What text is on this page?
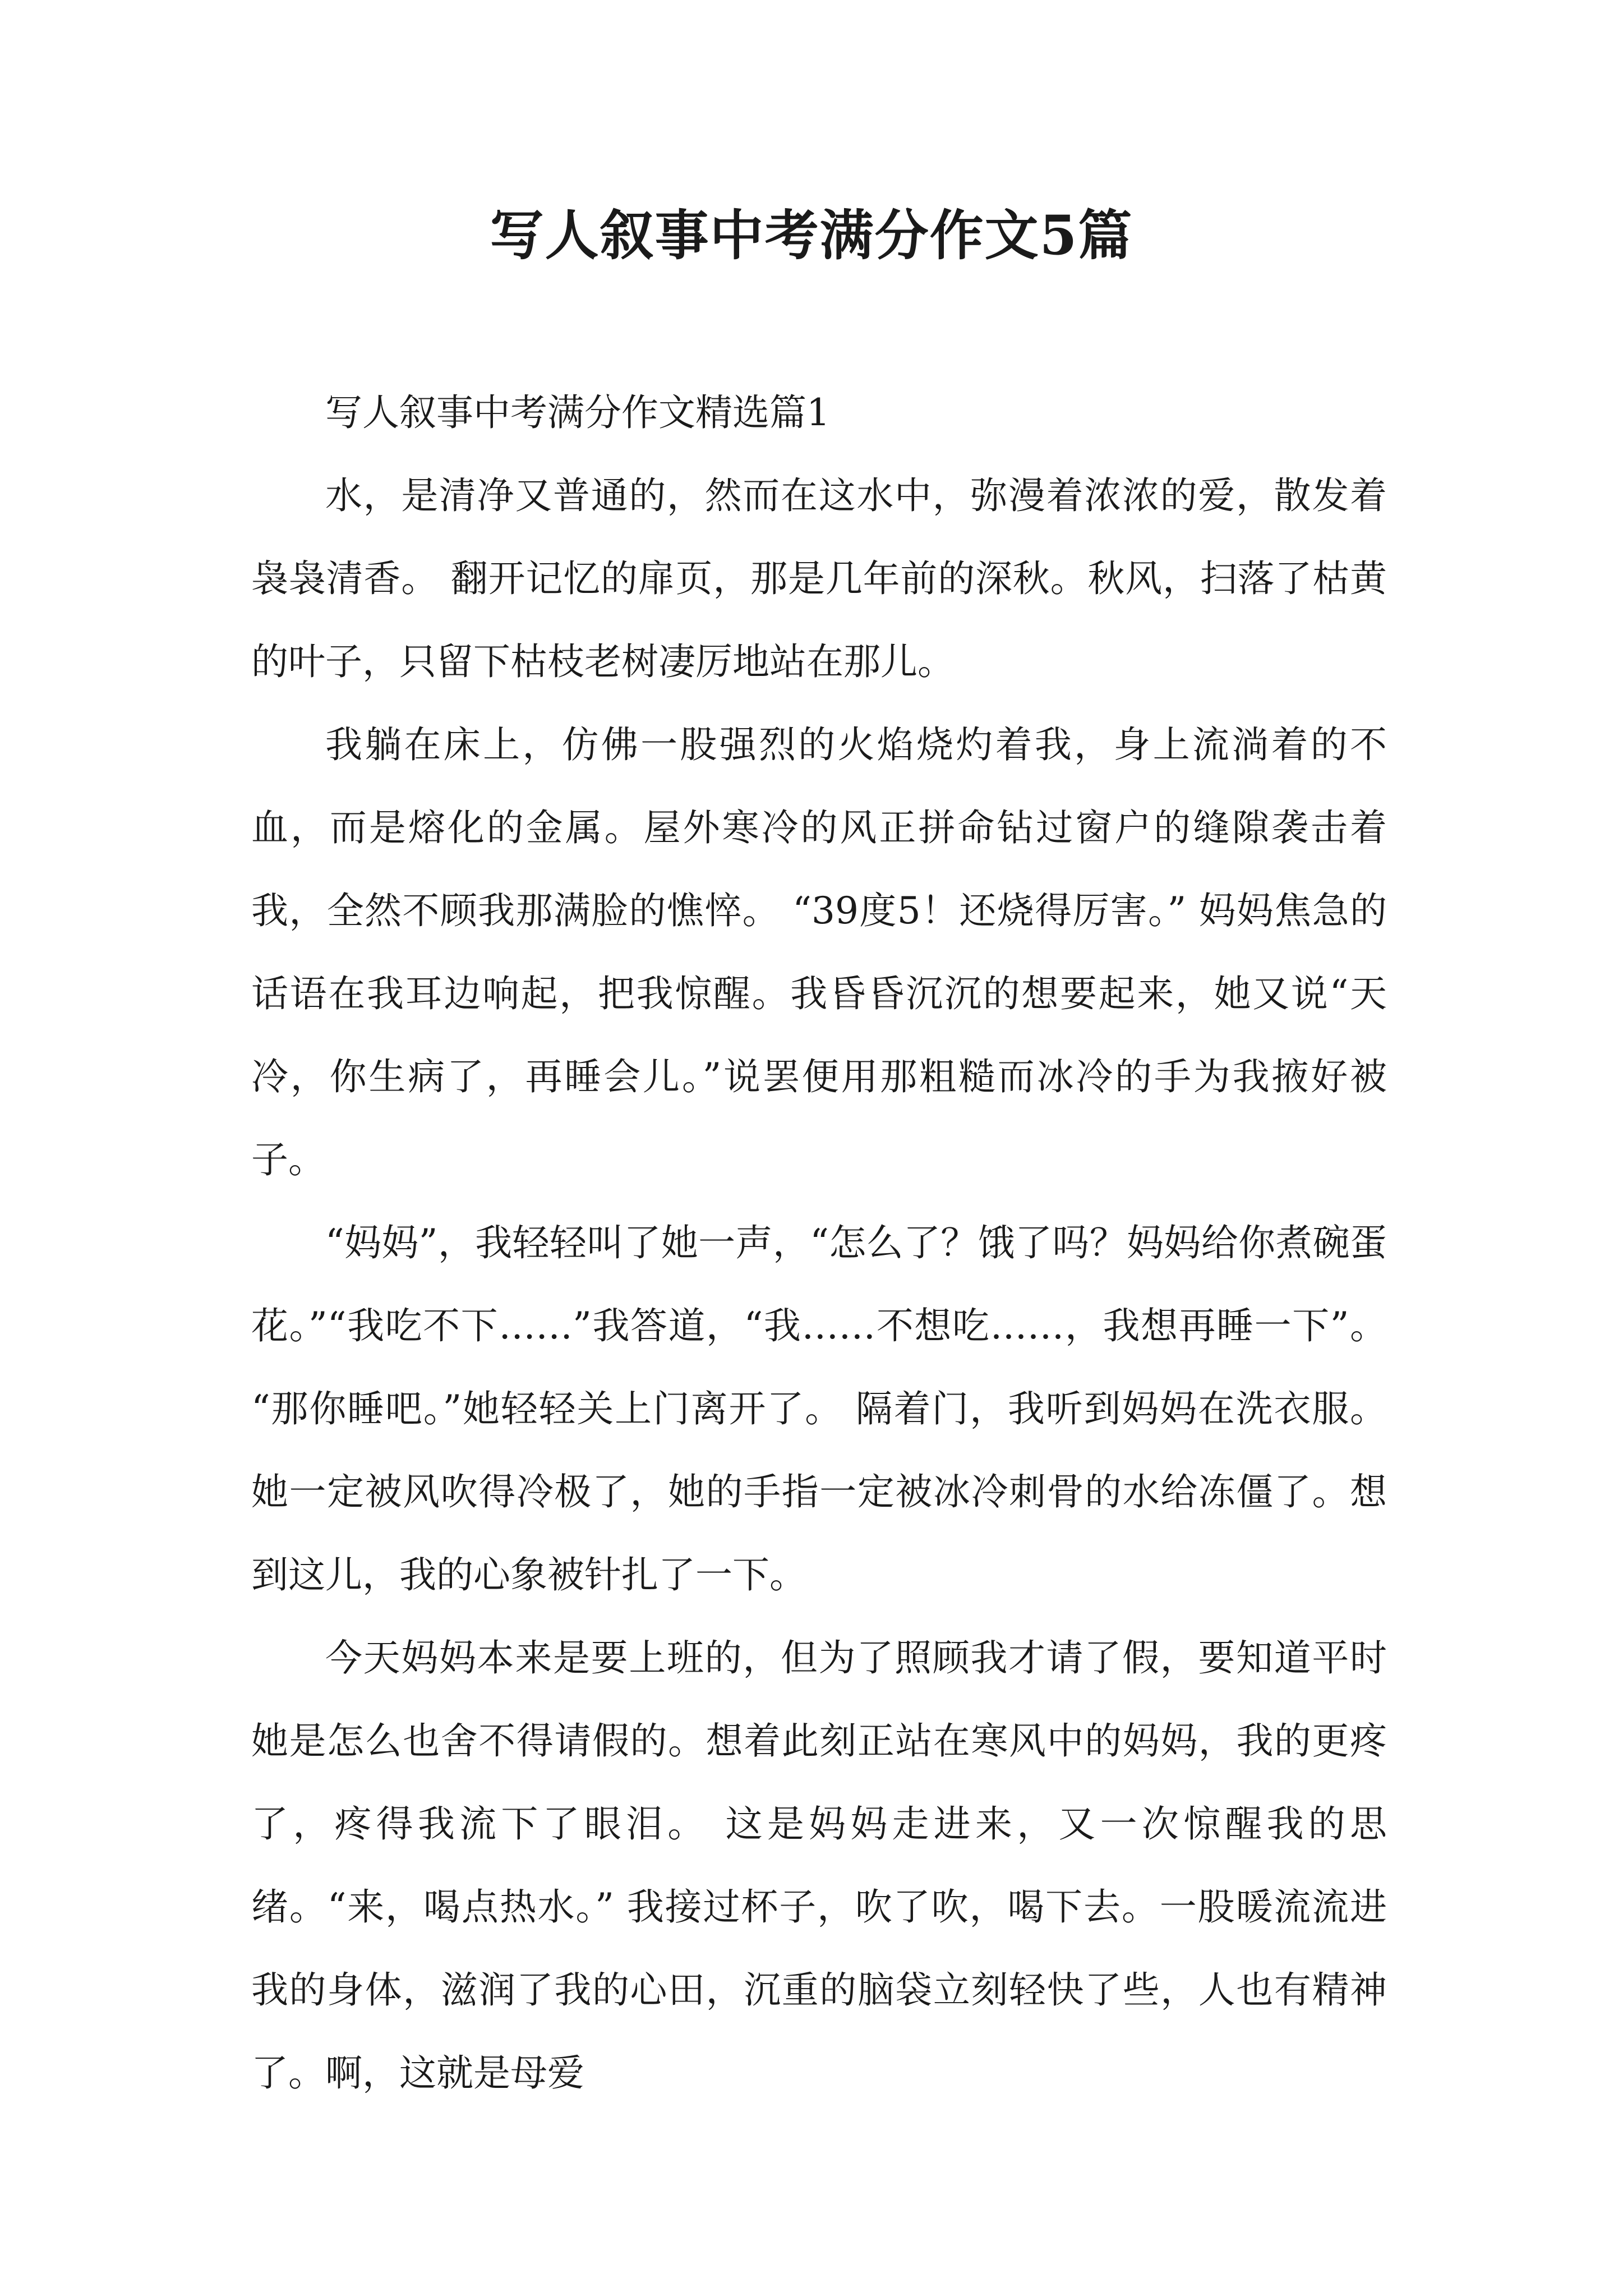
写人叙事中考满分作文5篇

写人叙事中考满分作文精选篇1

水，是清净又普通的，然而在这水中，弥漫着浓浓的爱，散发着袅袅清香。 翻开记忆的扉页，那是几年前的深秋。秋风，扫落了枯黄的叶子，只留下枯枝老树凄厉地站在那儿。

我躺在床上，仿佛一股强烈的火焰烧灼着我，身上流淌着的不血，而是熔化的金属。屋外寒冷的风正拼命钻过窗户的缝隙袭击着我，全然不顾我那满脸的憔悴。 “39度5！还烧得厉害。” 妈妈焦急的话语在我耳边响起，把我惊醒。我昏昏沉沉的想要起来，她又说“天冷，你生病了，再睡会儿。”说罢便用那粗糙而冰冷的手为我掖好被子。

“妈妈”，我轻轻叫了她一声，“怎么了？饿了吗？妈妈给你煮碗蛋花。”“我吃不下……”我答道，“我……不想吃……，我想再睡一下”。 “那你睡吧。”她轻轻关上门离开了。 隔着门，我听到妈妈在洗衣服。她一定被风吹得冷极了，她的手指一定被冰冷刺骨的水给冻僵了。想到这儿，我的心象被针扎了一下。

今天妈妈本来是要上班的，但为了照顾我才请了假，要知道平时她是怎么也舍不得请假的。想着此刻正站在寒风中的妈妈，我的更疼了，疼得我流下了眼泪。 这是妈妈走进来，又一次惊醒我的思绪。“来，喝点热水。” 我接过杯子，吹了吹，喝下去。一股暖流流进我的身体，滋润了我的心田，沉重的脑袋立刻轻快了些，人也有精神了。啊，这就是母爱
